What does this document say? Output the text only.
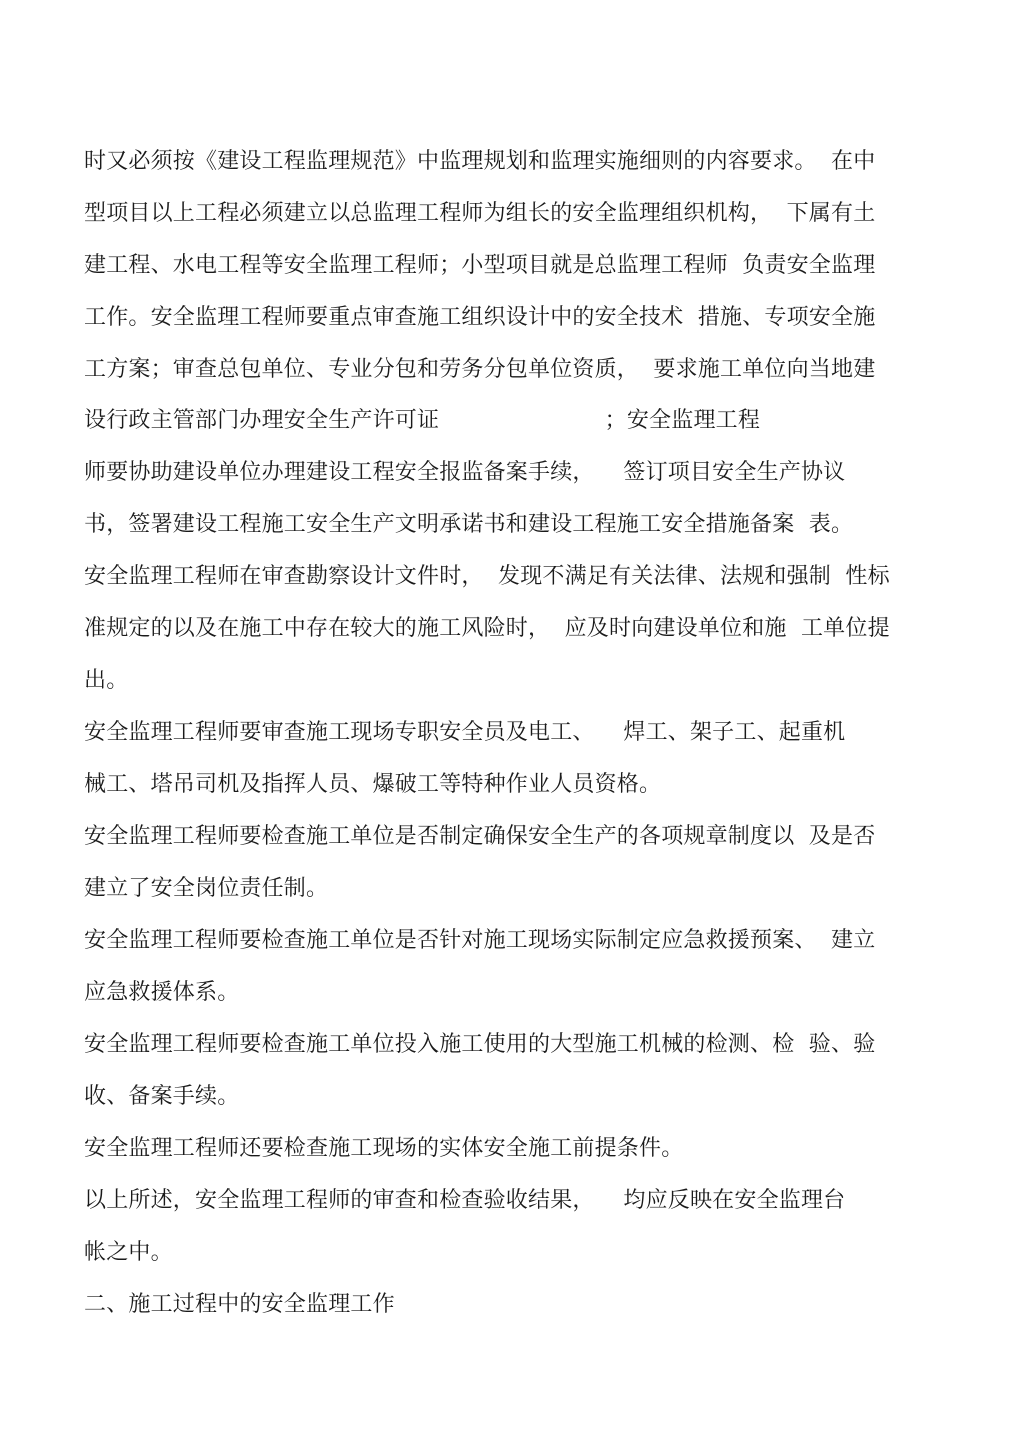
时又必须按《建设工程监理规范》中监理规划和监理实施细则的内容要求。  在中
型项目以上工程必须建立以总监理工程师为组长的安全监理组织机构，  下属有土
建工程、水电工程等安全监理工程师；小型项目就是总监理工程师  负责安全监理
工作。安全监理工程师要重点审查施工组织设计中的安全技术  措施、专项安全施
工方案；审查总包单位、专业分包和劳务分包单位资质，  要求施工单位向当地建
设行政主管部门办理安全生产许可证                       ；安全监理工程
师要协助建设单位办理建设工程安全报监备案手续，    签订项目安全生产协议
书，签署建设工程施工安全生产文明承诺书和建设工程施工安全措施备案  表。
安全监理工程师在审查勘察设计文件时，  发现不满足有关法律、法规和强制  性标
准规定的以及在施工中存在较大的施工风险时，  应及时向建设单位和施  工单位提
出。
安全监理工程师要审查施工现场专职安全员及电工、    焊工、架子工、起重机
械工、塔吊司机及指挥人员、爆破工等特种作业人员资格。
安全监理工程师要检查施工单位是否制定确保安全生产的各项规章制度以  及是否
建立了安全岗位责任制。
安全监理工程师要检查施工单位是否针对施工现场实际制定应急救援预案、  建立
应急救援体系。
安全监理工程师要检查施工单位投入施工使用的大型施工机械的检测、检  验、验
收、备案手续。
安全监理工程师还要检查施工现场的实体安全施工前提条件。
以上所述，安全监理工程师的审查和检查验收结果，    均应反映在安全监理台
帐之中。
二、施工过程中的安全监理工作
